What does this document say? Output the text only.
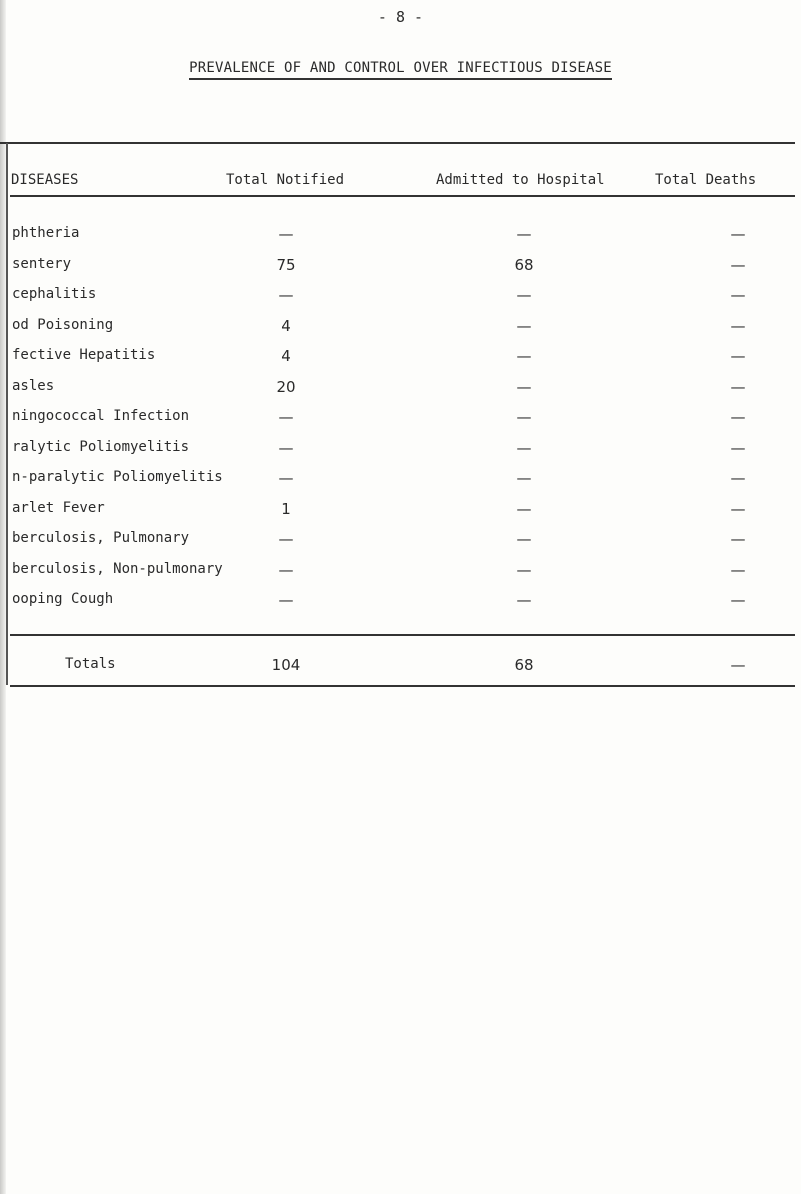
- 8 -
PREVALENCE OF AND CONTROL OVER INFECTIOUS DISEASE
DISEASES	Total Notified	Admitted to Hospital	Total Deaths
phtheria	—	—	—
sentery	75	68	—
cephalitis	—	—	—
od Poisoning	4	—	—
fective Hepatitis	4	—	—
asles	20	—	—
ningococcal Infection	—	—	—
ralytic Poliomyelitis	—	—	—
n-paralytic Poliomyelitis	—	—	—
arlet Fever	1	—	—
berculosis, Pulmonary	—	—	—
berculosis, Non-pulmonary	—	—	—
ooping Cough	—	—	—
Totals	104	68	—
